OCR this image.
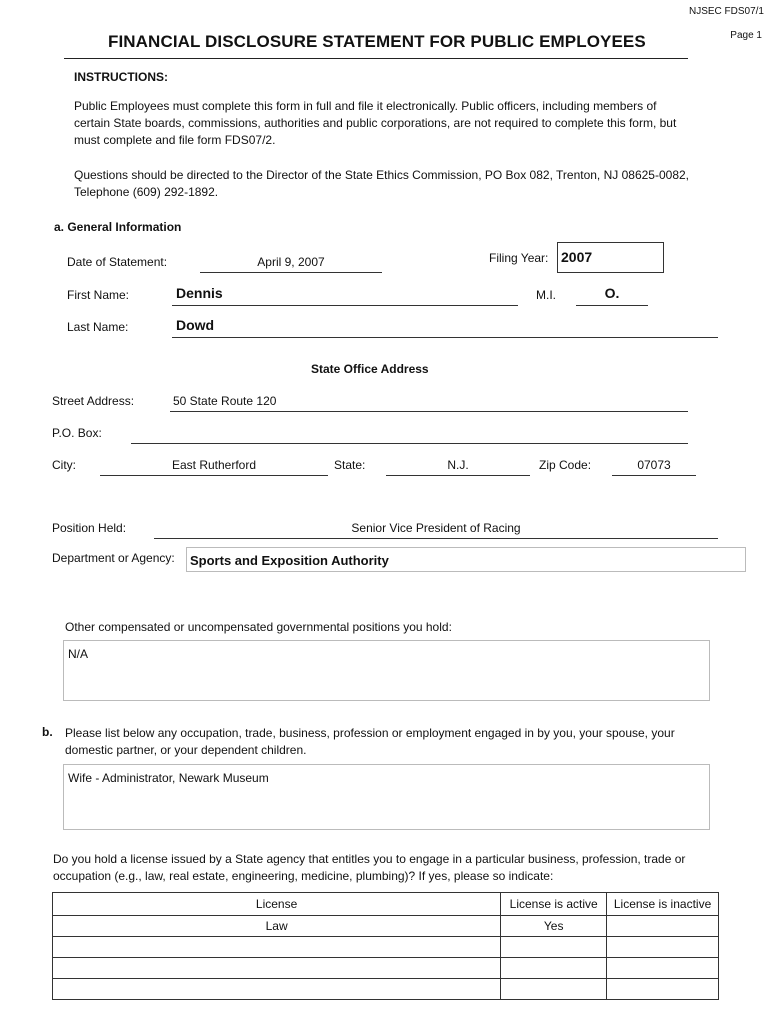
NJSEC FDS07/1
Page 1
FINANCIAL DISCLOSURE STATEMENT FOR PUBLIC EMPLOYEES
INSTRUCTIONS:
Public Employees must complete this form in full and file it electronically. Public officers, including members of certain State boards, commissions, authorities and public corporations, are not required to complete this form, but must complete and file form FDS07/2.
Questions should be directed to the Director of the State Ethics Commission, PO Box 082, Trenton, NJ 08625-0082, Telephone (609) 292-1892.
a. General Information
Date of Statement:	April 9, 2007	Filing Year: 2007
First Name:	Dennis	M.I.	O.
Last Name:	Dowd
State Office Address
Street Address:	50 State Route 120
P.O. Box:
City:	East Rutherford	State:	N.J.	Zip Code:	07073
Position Held:	Senior Vice President of Racing
Department or Agency: Sports and Exposition Authority
Other compensated or uncompensated governmental positions you hold:
N/A
b. Please list below any occupation, trade, business, profession or employment engaged in by you, your spouse, your domestic partner, or your dependent children.
Wife - Administrator, Newark Museum
Do you hold a license issued by a State agency that entitles you to engage in a particular business, profession, trade or occupation (e.g., law, real estate, engineering, medicine, plumbing)? If yes, please so indicate:
License	License is active	License is inactive
Law	Yes	
